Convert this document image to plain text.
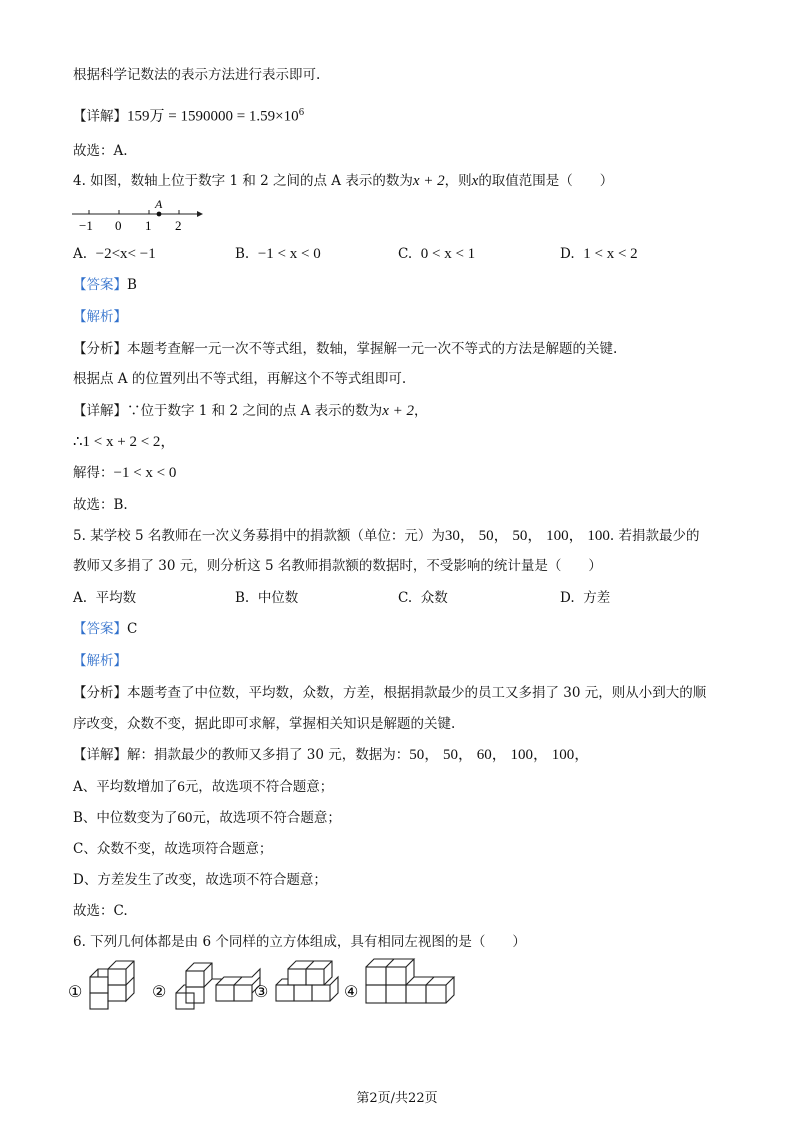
根据科学记数法的表示方法进行表示即可.
【详解】159万 = $1590000 = 1.59\times 10^6$
故选：A.
4. 如图，数轴上位于数字 1 和 2 之间的点 A 表示的数为x + 2，则x的取值范围是（　　）
A
−1 0 1 2
A. −2<x< −1	B. −1 < x < 0	C. 0 < x < 1	D. 1 < x < 2
【答案】B
【解析】
【分析】本题考查解一元一次不等式组，数轴，掌握解一元一次不等式的方法是解题的关键.
根据点 A 的位置列出不等式组，再解这个不等式组即可.
【详解】∵位于数字 1 和 2 之间的点 A 表示的数为x + 2，
∴1 < x + 2 < 2，
解得：−1 < x < 0
故选：B.
5. 某学校 5 名教师在一次义务募捐中的捐款额（单位：元）为30， 50， 50， 100， 100. 若捐款最少的
教师又多捐了 30 元，则分析这 5 名教师捐款额的数据时，不受影响的统计量是（　　）
A. 平均数	B. 中位数	C. 众数	D. 方差
【答案】C
【解析】
【分析】本题考查了中位数，平均数，众数，方差，根据捐款最少的员工又多捐了 30 元，则从小到大的顺
序改变，众数不变，据此即可求解，掌握相关知识是解题的关键.
【详解】解：捐款最少的教师又多捐了 30 元，数据为：50， 50， 60， 100， 100，
A、平均数增加了6元，故选项不符合题意；
B、中位数变为了60元，故选项不符合题意；
C、众数不变，故选项符合题意；
D、方差发生了改变，故选项不符合题意；
故选：C.
6. 下列几何体都是由 6 个同样的立方体组成，具有相同左视图的是（　　）
①	②	③	④
第2页/共22页
